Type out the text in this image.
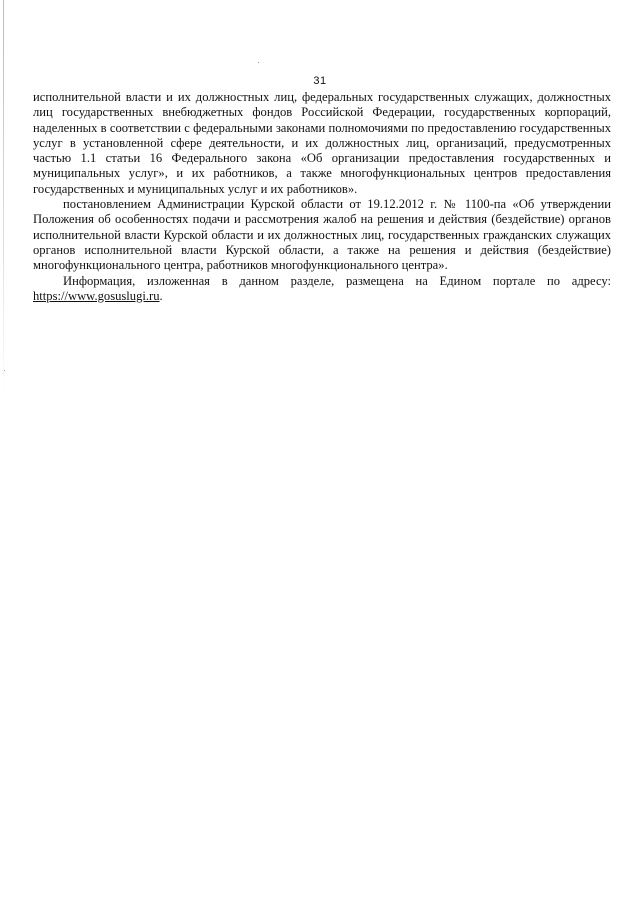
31

исполнительной власти и их должностных лиц, федеральных государственных служащих, должностных лиц государственных внебюджетных фондов Российской Федерации, государственных корпораций, наделенных в соответствии с федеральными законами полномочиями по предоставлению государственных услуг в установленной сфере деятельности, и их должностных лиц, организаций, предусмотренных частью 1.1 статьи 16 Федерального закона «Об организации предоставления государственных и муниципальных услуг», и их работников, а также многофункциональных центров предоставления государственных и муниципальных услуг и их работников».

постановлением Администрации Курской области от 19.12.2012 г. № 1100-па «Об утверждении Положения об особенностях подачи и рассмотрения жалоб на решения и действия (бездействие) органов исполнительной власти Курской области и их должностных лиц, государственных гражданских служащих органов исполнительной власти Курской области, а также на решения и действия (бездействие) многофункционального центра, работников многофункционального центра».

Информация, изложенная в данном разделе, размещена на Едином портале по адресу: https://www.gosuslugi.ru.
